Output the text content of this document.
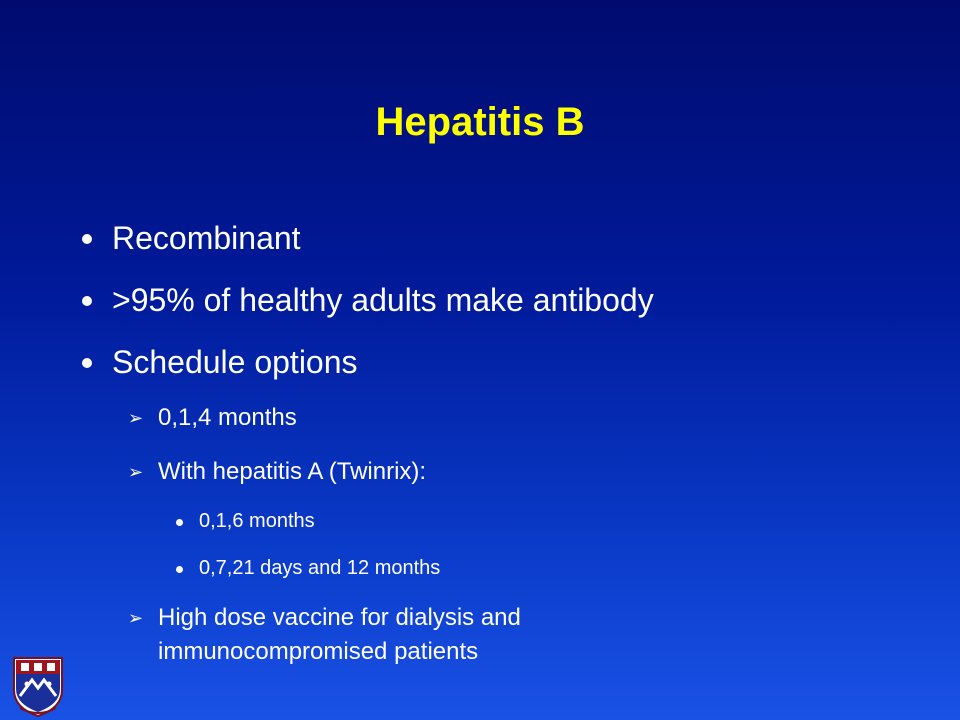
Hepatitis B
Recombinant
>95% of healthy adults make antibody
Schedule options
➢ 0,1,4 months
➢ With hepatitis A (Twinrix):
0,1,6 months
0,7,21 days and 12 months
➢ High dose vaccine for dialysis and
immunocompromised patients
